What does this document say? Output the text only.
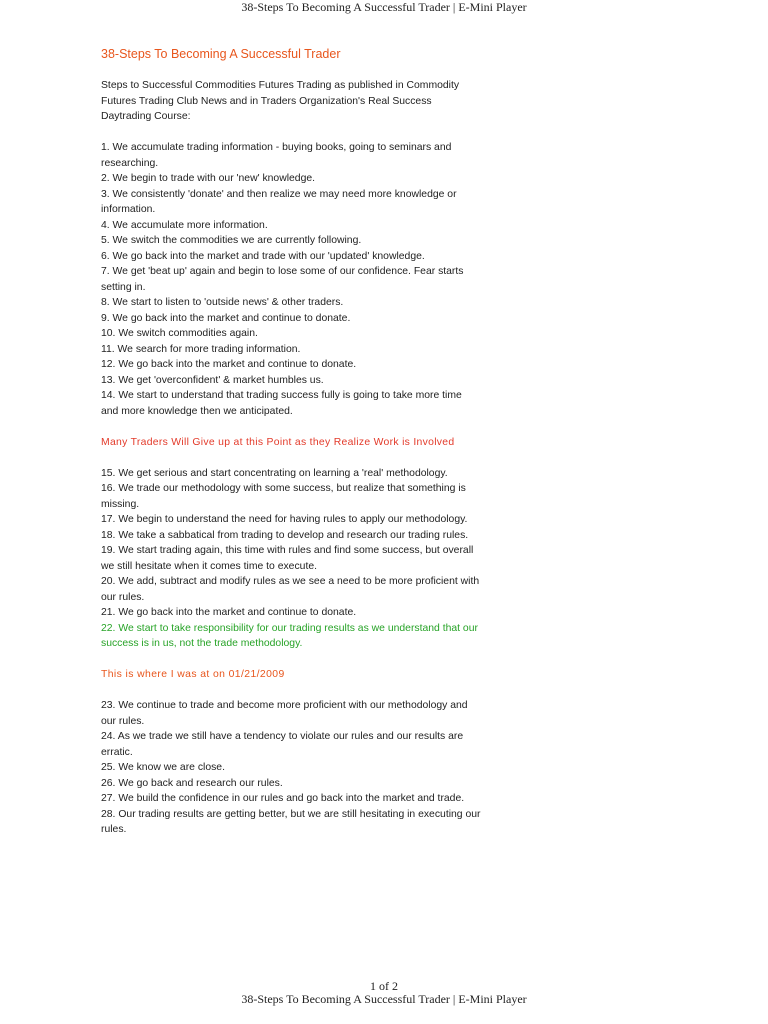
38-Steps To Becoming A Successful Trader | E-Mini Player
38-Steps To Becoming A Successful Trader
Steps to Successful Commodities Futures Trading as published in Commodity Futures Trading Club News and in Traders Organization's Real Success Daytrading Course:

1. We accumulate trading information - buying books, going to seminars and researching.

2. We begin to trade with our 'new' knowledge.

3. We consistently 'donate' and then realize we may need more knowledge or information.

4. We accumulate more information.

5. We switch the commodities we are currently following.

6. We go back into the market and trade with our 'updated' knowledge.

7. We get 'beat up' again and begin to lose some of our confidence. Fear starts setting in.

8. We start to listen to 'outside news' & other traders.

9. We go back into the market and continue to donate.

10. We switch commodities again.

11. We search for more trading information.

12. We go back into the market and continue to donate.

13. We get 'overconfident' & market humbles us.

14. We start to understand that trading success fully is going to take more time and more knowledge then we anticipated.

Many Traders Will Give up at this Point as they Realize Work is Involved

15. We get serious and start concentrating on learning a 'real' methodology.

16. We trade our methodology with some success, but realize that something is missing.

17. We begin to understand the need for having rules to apply our methodology.

18. We take a sabbatical from trading to develop and research our trading rules.

19. We start trading again, this time with rules and find some success, but overall we still hesitate when it comes time to execute.

20. We add, subtract and modify rules as we see a need to be more proficient with our rules.

21. We go back into the market and continue to donate.

22. We start to take responsibility for our trading results as we understand that our success is in us, not the trade methodology.
This is where I was at on 01/21/2009

23. We continue to trade and become more proficient with our methodology and our rules.

24. As we trade we still have a tendency to violate our rules and our results are erratic.

25. We know we are close.

26. We go back and research our rules.

27. We build the confidence in our rules and go back into the market and trade.

28. Our trading results are getting better, but we are still hesitating in executing our rules.

1 of 2
38-Steps To Becoming A Successful Trader | E-Mini Player
